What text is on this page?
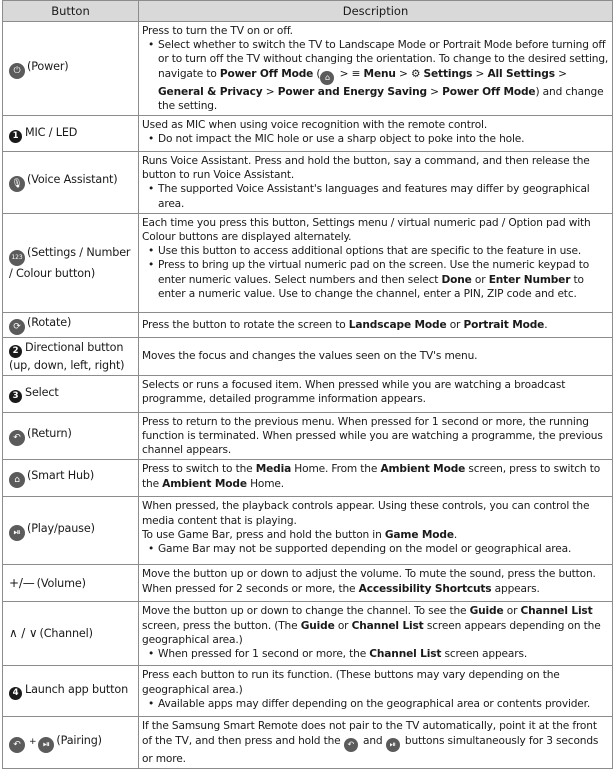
Button	Description
⏻ (Power)	Press to turn the TV on or off.
• Select whether to switch the TV to Landscape Mode or Portrait Mode before turning off or to turn off the TV without changing the orientation. To change to the desired setting, navigate to Power Off Mode ( ⌂ > ≡ Menu > ⚙ Settings > All Settings > General & Privacy > Power and Energy Saving > Power Off Mode) and change the setting.

1 MIC / LED	Used as MIC when using voice recognition with the remote control.
• Do not impact the MIC hole or use a sharp object to poke into the hole.

🎙 (Voice Assistant)	Runs Voice Assistant. Press and hold the button, say a command, and then release the button to run Voice Assistant.
• The supported Voice Assistant's languages and features may differ by geographical area.

123 (Settings / Number / Colour button)	Each time you press this button, Settings menu / virtual numeric pad / Option pad with Colour buttons are displayed alternately.
• Use this button to access additional options that are specific to the feature in use.
• Press to bring up the virtual numeric pad on the screen. Use the numeric keypad to enter numeric values. Select numbers and then select Done or Enter Number to enter a numeric value. Use to change the channel, enter a PIN, ZIP code and etc.

⟳ (Rotate)	Press the button to rotate the screen to Landscape Mode or Portrait Mode.

2 Directional button (up, down, left, right)	Moves the focus and changes the values seen on the TV's menu.

3 Select	Selects or runs a focused item. When pressed while you are watching a broadcast programme, detailed programme information appears.

↶ (Return)	Press to return to the previous menu. When pressed for 1 second or more, the running function is terminated. When pressed while you are watching a programme, the previous channel appears.

⌂ (Smart Hub)	Press to switch to the Media Home. From the Ambient Mode screen, press to switch to the Ambient Mode Home.

⏯ (Play/pause)	When pressed, the playback controls appear. Using these controls, you can control the media content that is playing.
To use Game Bar, press and hold the button in Game Mode.
• Game Bar may not be supported depending on the model or geographical area.

+/— (Volume)	Move the button up or down to adjust the volume. To mute the sound, press the button. When pressed for 2 seconds or more, the Accessibility Shortcuts appears.

∧ / ∨ (Channel)	Move the button up or down to change the channel. To see the Guide or Channel List screen, press the button. (The Guide or Channel List screen appears depending on the geographical area.)
• When pressed for 1 second or more, the Channel List screen appears.

4 Launch app button	Press each button to run its function. (These buttons may vary depending on the geographical area.)
• Available apps may differ depending on the geographical area or contents provider.

↶ + ⏯ (Pairing)	If the Samsung Smart Remote does not pair to the TV automatically, point it at the front of the TV, and then press and hold the ↶ and ⏯ buttons simultaneously for 3 seconds or more.
